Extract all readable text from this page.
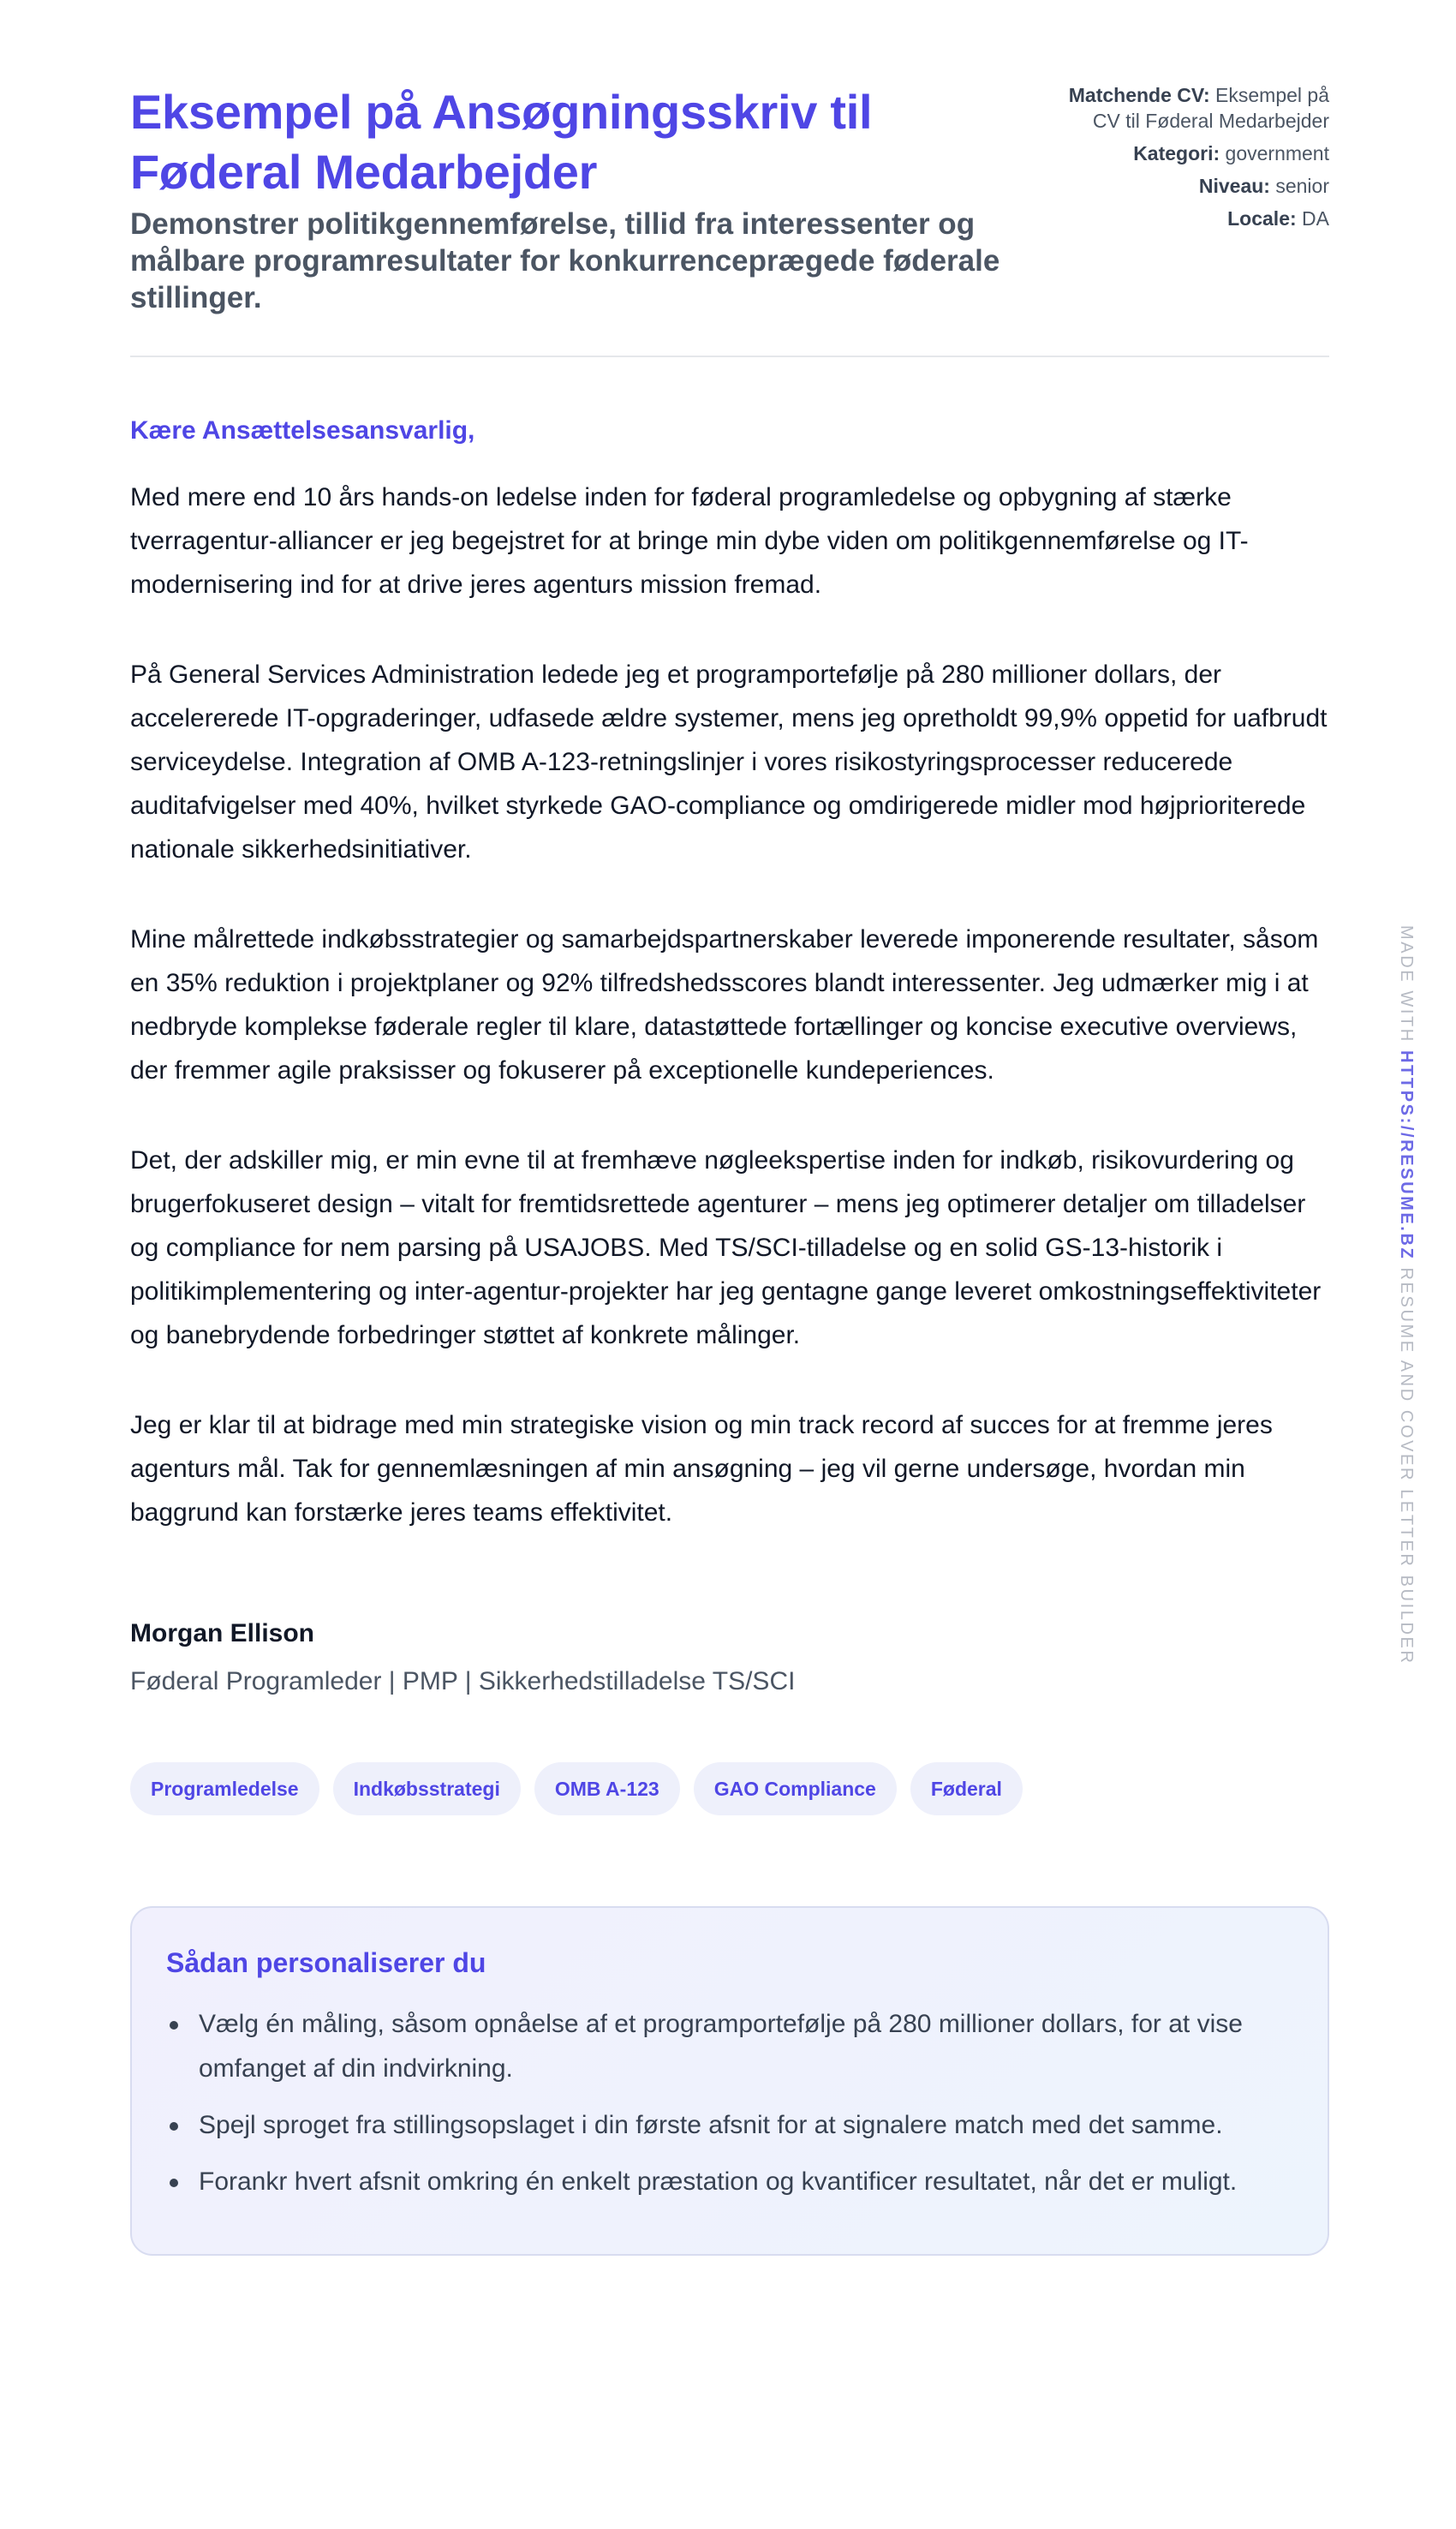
Eksempel på Ansøgningsskriv til Føderal Medarbejder

Demonstrer politikgennemførelse, tillid fra interessenter og målbare programresultater for konkurrenceprægede føderale stillinger.

Matchende CV: Eksempel på CV til Føderal Medarbejder
Kategori: government
Niveau: senior
Locale: DA

Kære Ansættelsesansvarlig,

Med mere end 10 års hands-on ledelse inden for føderal programledelse og opbygning af stærke tverragentur-alliancer er jeg begejstret for at bringe min dybe viden om politikgennemførelse og IT-modernisering ind for at drive jeres agenturs mission fremad.

På General Services Administration ledede jeg et programportefølje på 280 millioner dollars, der accelererede IT-opgraderinger, udfasede ældre systemer, mens jeg opretholdt 99,9% oppetid for uafbrudt serviceydelse. Integration af OMB A-123-retningslinjer i vores risikostyringsprocesser reducerede auditafvigelser med 40%, hvilket styrkede GAO-compliance og omdirigerede midler mod højprioriterede nationale sikkerhedsinitiativer.

Mine målrettede indkøbsstrategier og samarbejdspartnerskaber leverede imponerende resultater, såsom en 35% reduktion i projektplaner og 92% tilfredshedsscores blandt interessenter. Jeg udmærker mig i at nedbryde komplekse føderale regler til klare, datastøttede fortællinger og koncise executive overviews, der fremmer agile praksisser og fokuserer på exceptionelle kundeperiences.

Det, der adskiller mig, er min evne til at fremhæve nøgleekspertise inden for indkøb, risikovurdering og brugerfokuseret design – vitalt for fremtidsrettede agenturer – mens jeg optimerer detaljer om tilladelser og compliance for nem parsing på USAJOBS. Med TS/SCI-tilladelse og en solid GS-13-historik i politikimplementering og inter-agentur-projekter har jeg gentagne gange leveret omkostningseffektiviteter og banebrydende forbedringer støttet af konkrete målinger.

Jeg er klar til at bidrage med min strategiske vision og min track record af succes for at fremme jeres agenturs mål. Tak for gennemlæsningen af min ansøgning – jeg vil gerne undersøge, hvordan min baggrund kan forstærke jeres teams effektivitet.

Morgan Ellison
Føderal Programleder | PMP | Sikkerhedstilladelse TS/SCI
Programledelse	Indkøbsstrategi	OMB A-123	GAO Compliance	Føderal
Sådan personaliserer du
Vælg én måling, såsom opnåelse af et programportefølje på 280 millioner dollars, for at vise omfanget af din indvirkning.
Spejl sproget fra stillingsopslaget i din første afsnit for at signalere match med det samme.
Forankr hvert afsnit omkring én enkelt præstation og kvantificer resultatet, når det er muligt.
MADE WITH HTTPS://RESUME.BZ RESUME AND COVER LETTER BUILDER
